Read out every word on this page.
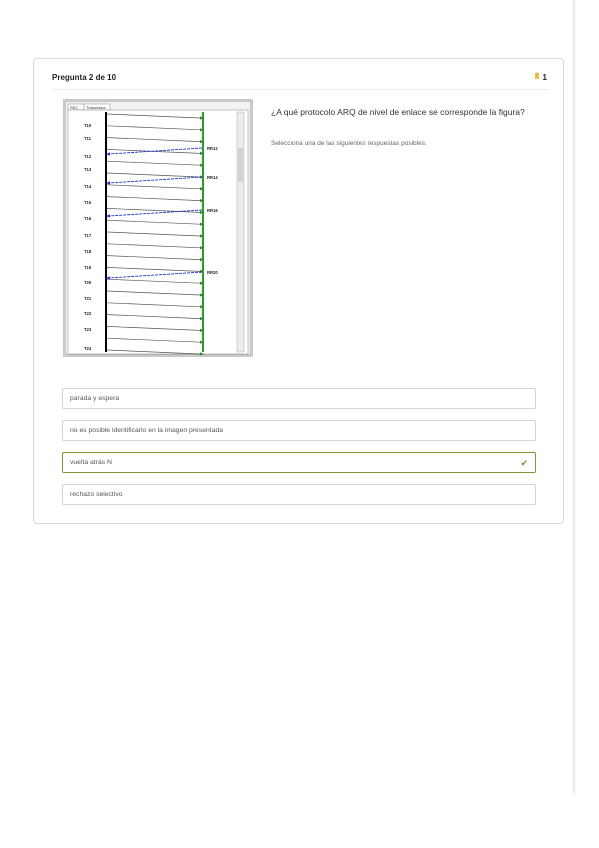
Pregunta 2 de 10	1
SEC Transmisor
T10
T11
T12
T13
T14
T15
T16
T17
T18
T19
T20
T21
T22
T23
T24
RR12
RR14
RR16
RR20
¿A qué protocolo ARQ de nivel de enlace se corresponde la figura?
Selecciona una de las siguientes respuestas posibles:
parada y espera
no es posible identificarlo en la imagen presentada
vuelta atrás N	✔
rechazo selectivo
